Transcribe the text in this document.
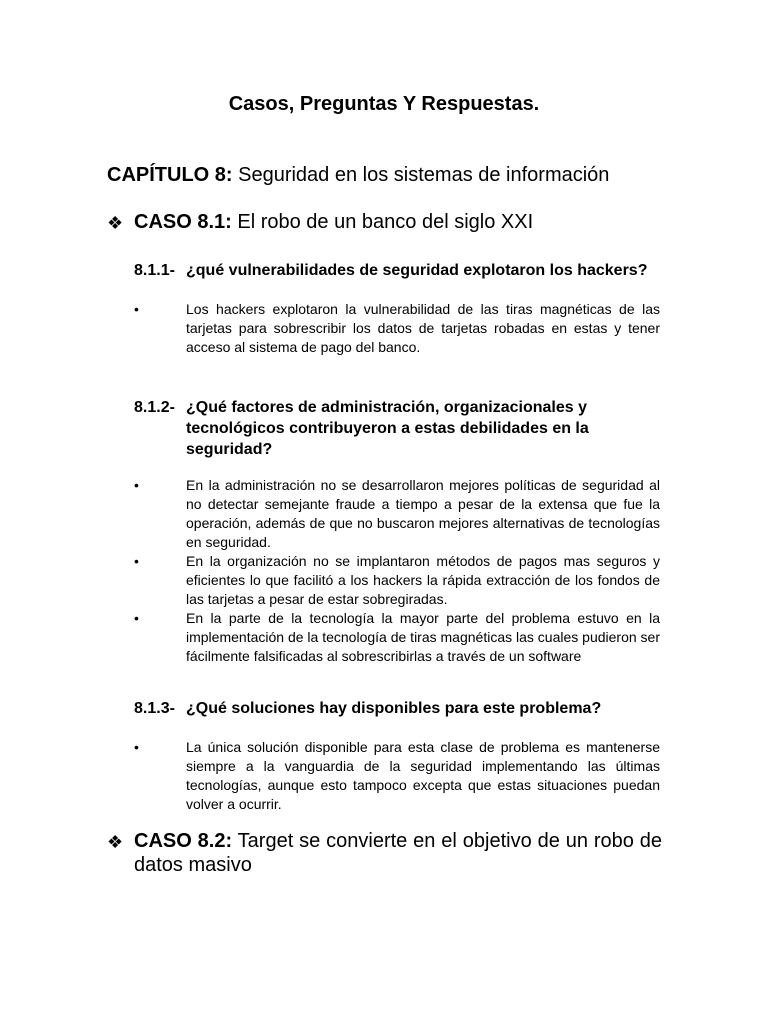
Casos, Preguntas Y Respuestas.
CAPÍTULO 8: Seguridad en los sistemas de información
❖ CASO 8.1: El robo de un banco del siglo XXI
8.1.1- ¿qué vulnerabilidades de seguridad explotaron los hackers?
•	Los hackers explotaron la vulnerabilidad de las tiras magnéticas de las tarjetas para sobrescribir los datos de tarjetas robadas en estas y tener acceso al sistema de pago del banco.
8.1.2- ¿Qué factores de administración, organizacionales y tecnológicos contribuyeron a estas debilidades en la seguridad?
•	En la administración no se desarrollaron mejores políticas de seguridad al no detectar semejante fraude a tiempo a pesar de la extensa que fue la operación, además de que no buscaron mejores alternativas de tecnologías en seguridad.
•	En la organización no se implantaron métodos de pagos mas seguros y eficientes lo que facilitó a los hackers la rápida extracción de los fondos de las tarjetas a pesar de estar sobregiradas.
•	En la parte de la tecnología la mayor parte del problema estuvo en la implementación de la tecnología de tiras magnéticas las cuales pudieron ser fácilmente falsificadas al sobrescribirlas a través de un software
8.1.3- ¿Qué soluciones hay disponibles para este problema?
•	La única solución disponible para esta clase de problema es mantenerse siempre a la vanguardia de la seguridad implementando las últimas tecnologías, aunque esto tampoco excepta que estas situaciones puedan volver a ocurrir.
❖ CASO 8.2: Target se convierte en el objetivo de un robo de datos masivo
